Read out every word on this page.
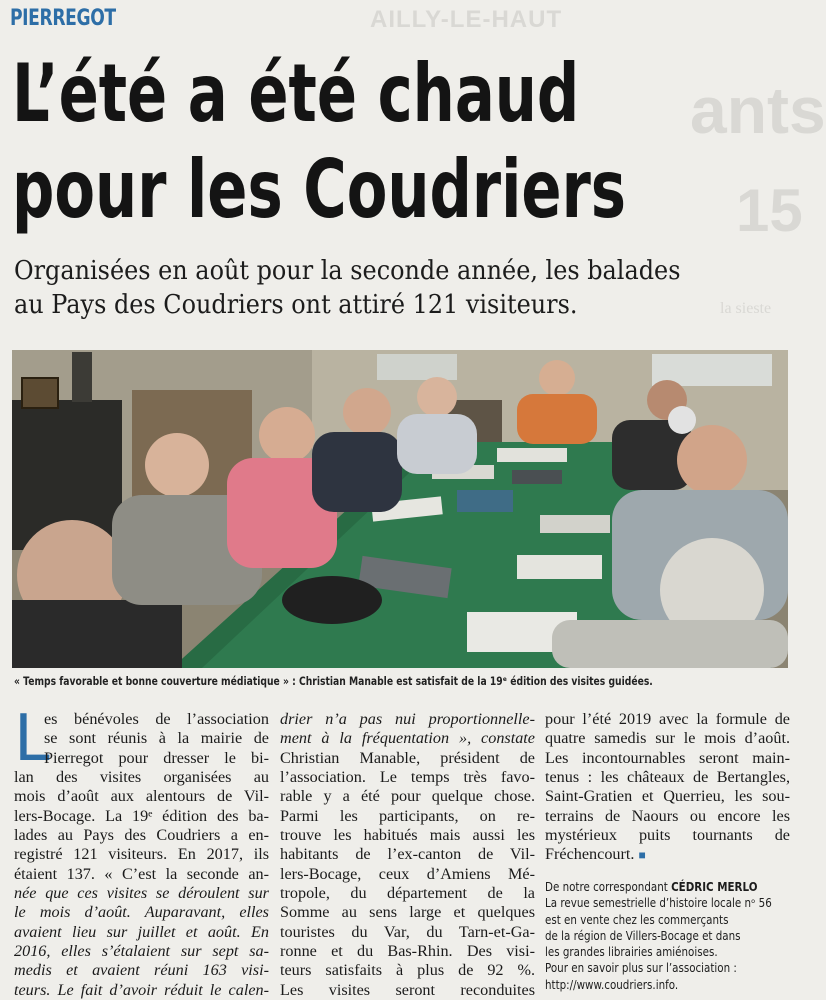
AILLY-LE-HAUT
ants
15
la sieste
PIERREGOT
L’été a été chaud
pour les Coudriers
Organisées en août pour la seconde année, les balades
au Pays des Coudriers ont attiré 121 visiteurs.
« Temps favorable et bonne couverture médiatique » : Christian Manable est satisfait de la 19ᵉ édition des visites guidées.
L
es bénévoles de l’association
se sont réunis à la mairie de
Pierregot pour dresser le bi-
lan des visites organisées au
mois d’août aux alentours de Vil-
lers-Bocage. La 19ᵉ édition des ba-
lades au Pays des Coudriers a en-
registré 121 visiteurs. En 2017, ils
étaient 137. « C’est la seconde an-
née que ces visites se déroulent sur
le mois d’août. Auparavant, elles
avaient lieu sur juillet et août. En
2016, elles s’étalaient sur sept sa-
medis et avaient réuni 163 visi-
teurs. Le fait d’avoir réduit le calen-
drier n’a pas nui proportionnelle-
ment à la fréquentation », constate
Christian Manable, président de
l’association. Le temps très favo-
rable y a été pour quelque chose.
Parmi les participants, on re-
trouve les habitués mais aussi les
habitants de l’ex-canton de Vil-
lers-Bocage, ceux d’Amiens Mé-
tropole, du département de la
Somme au sens large et quelques
touristes du Var, du Tarn-et-Ga-
ronne et du Bas-Rhin. Des visi-
teurs satisfaits à plus de 92 %.
Les visites seront reconduites
pour l’été 2019 avec la formule de
quatre samedis sur le mois d’août.
Les incontournables seront main-
tenus : les châteaux de Bertangles,
Saint-Gratien et Querrieu, les sou-
terrains de Naours ou encore les
mystérieux puits tournants de
Fréchencourt. ■
De notre correspondant CÉDRIC MERLO
La revue semestrielle d’histoire locale nᵒ 56
est en vente chez les commerçants
de la région de Villers-Bocage et dans
les grandes librairies amiénoises.
Pour en savoir plus sur l’association :
http://www.coudriers.info.
